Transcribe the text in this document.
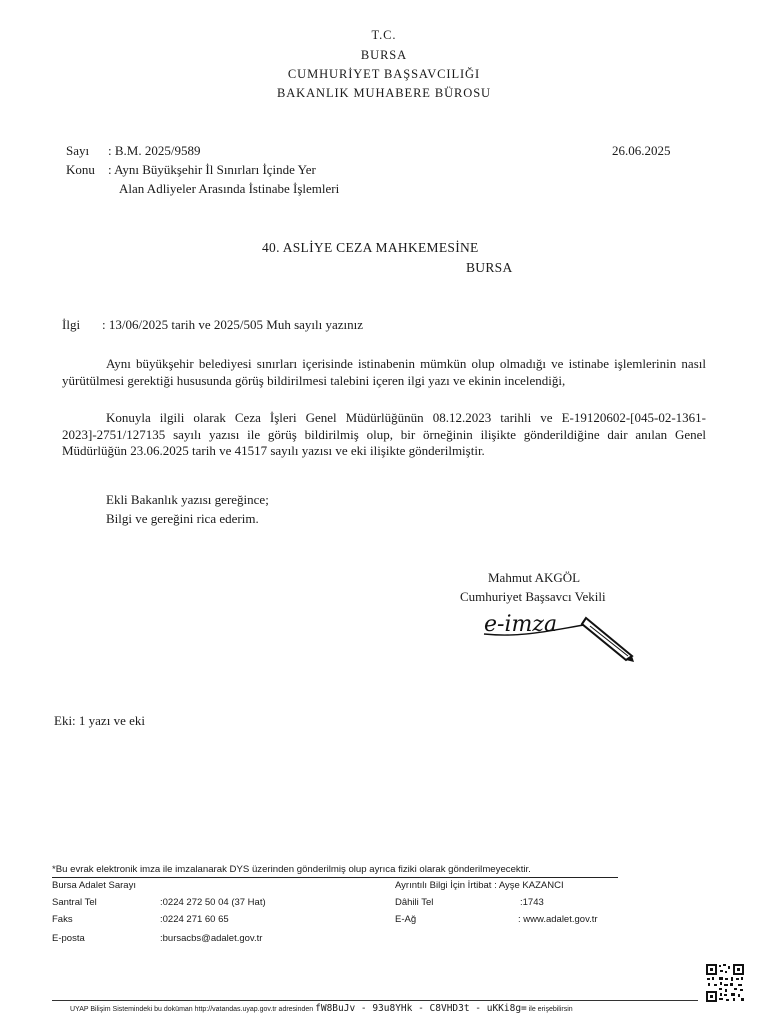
T.C.
BURSA
CUMHURİYET BAŞSAVCILIĞI
BAKANLIK MUHABERE BÜROSU
Sayı : B.M. 2025/9589	26.06.2025
Konu : Aynı Büyükşehir İl Sınırları İçinde Yer
Alan Adliyeler Arasında İstinabe İşlemleri
40. ASLİYE CEZA MAHKEMESİNE
BURSA
İlgi : 13/06/2025 tarih ve 2025/505 Muh sayılı yazınız
Aynı büyükşehir belediyesi sınırları içerisinde istinabenin mümkün olup olmadığı ve istinabe işlemlerinin nasıl yürütülmesi gerektiği hususunda görüş bildirilmesi talebini içeren ilgi yazı ve ekinin incelendiği,
Konuyla ilgili olarak Ceza İşleri Genel Müdürlüğünün 08.12.2023 tarihli ve E-19120602-[045-02-1361-2023]-2751/127135 sayılı yazısı ile görüş bildirilmiş olup, bir örneğinin ilişikte gönderildiğine dair anılan Genel Müdürlüğün 23.06.2025 tarih ve 41517 sayılı yazısı ve eki ilişikte gönderilmiştir.
Ekli Bakanlık yazısı gereğince;
Bilgi ve gereğini rica ederim.
Mahmut AKGÖL
Cumhuriyet Başsavcı Vekili
e-imza
Eki: 1 yazı ve eki
*Bu evrak elektronik imza ile imzalanarak DYS üzerinden gönderilmiş olup ayrıca fiziki olarak gönderilmeyecektir.
Bursa Adalet Sarayı	Ayrıntılı Bilgi İçin İrtibat : Ayşe KAZANCI
Santral Tel	:0224 272 50 04 (37 Hat)	Dâhili Tel	:1743
Faks	:0224 271 60 65	E-Ağ	: www.adalet.gov.tr
E-posta	:bursacbs@adalet.gov.tr
UYAP Bilişim Sistemindeki bu doküman http://vatandas.uyap.gov.tr adresinden fW8BuJv - 93u8YHk - C8VHD3t - uKKi8g= ile erişebilirsin
